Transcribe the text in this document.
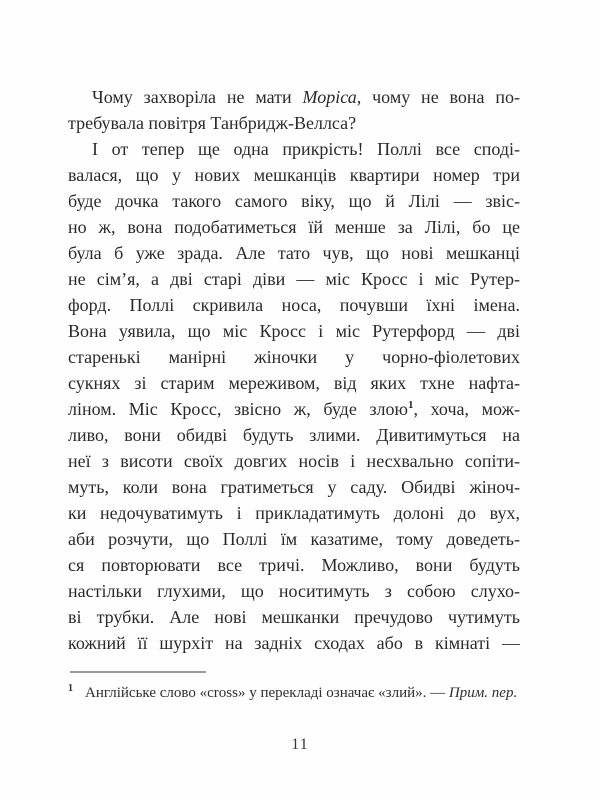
Чому захворіла не мати Моріса, чому не вона по-
требувала повітря Танбридж-Веллса?
І от тепер ще одна прикрість! Поллі все споді-
валася, що у нових мешканців квартири номер три
буде дочка такого самого віку, що й Лілі — звіс-
но ж, вона подобатиметься їй менше за Лілі, бо це
була б уже зрада. Але тато чув, що нові мешканці
не сім’я, а дві старі діви — міс Кросс і міс Рутер-
форд. Поллі скривила носа, почувши їхні імена.
Вона уявила, що міс Кросс і міс Рутерфорд — дві
старенькі манірні жіночки у чорно-фіолетових
сукнях зі старим мереживом, від яких тхне нафта-
ліном. Міс Кросс, звісно ж, буде злою$^1$, хоча, мож-
ливо, вони обидві будуть злими. Дивитимуться на
неї з висоти своїх довгих носів і несхвально сопіти-
муть, коли вона гратиметься у саду. Обидві жіноч-
ки недочуватимуть і прикладатимуть долоні до вух,
аби розчути, що Поллі їм казатиме, тому доведеть-
ся повторювати все тричі. Можливо, вони будуть
настільки глухими, що носитимуть з собою слухо-
ві трубки. Але нові мешканки пречудово чутимуть
кожний її шурхіт на задніх сходах або в кімнаті —
$^1$ Англійське слово «cross» у перекладі означає «злий». — Прим. пер.
11
